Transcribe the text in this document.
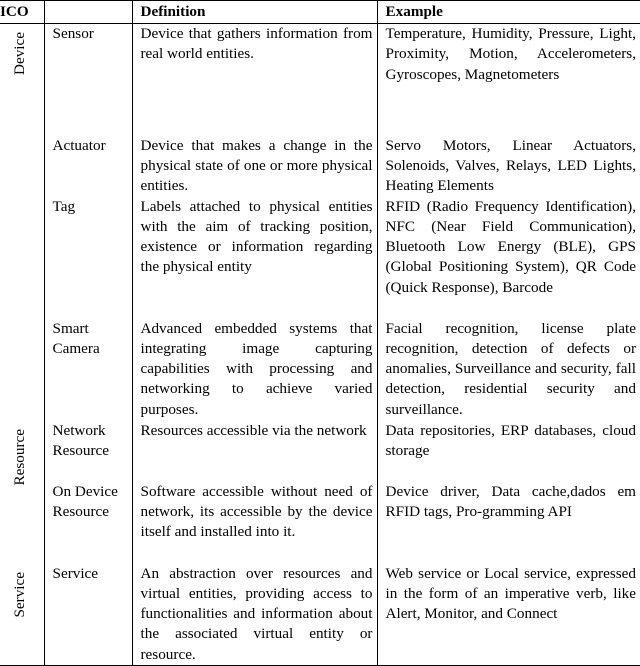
ICO		Definition	Example
Device	Sensor	Device that gathers information from real world entities.	Temperature, Humidity, Pressure, Light, Proximity, Motion, Accelerometers, Gyroscopes, Magnetometers
	Actuator	Device that makes a change in the physical state of one or more physical entities.	Servo Motors, Linear Actuators, Solenoids, Valves, Relays, LED Lights, Heating Elements
	Tag	Labels attached to physical entities with the aim of tracking position, existence or information regarding the physical entity	RFID (Radio Frequency Identification), NFC (Near Field Communication), Bluetooth Low Energy (BLE), GPS (Global Positioning System), QR Code (Quick Response), Barcode
	Smart Camera	Advanced embedded systems that integrating image capturing capabilities with processing and networking to achieve varied purposes.	Facial recognition, license plate recognition, detection of defects or anomalies, Surveillance and security, fall detection, residential security and surveillance.
Resource	Network Resource	Resources accessible via the network	Data repositories, ERP databases, cloud storage
	On Device Resource	Software accessible without need of network, its accessible by the device itself and installed into it.	Device driver, Data cache,dados em RFID tags, Pro-gramming API
Service	Service	An abstraction over resources and virtual entities, providing access to functionalities and information about the associated virtual entity or resource.	Web service or Local service, expressed in the form of an imperative verb, like Alert, Monitor, and Connect
